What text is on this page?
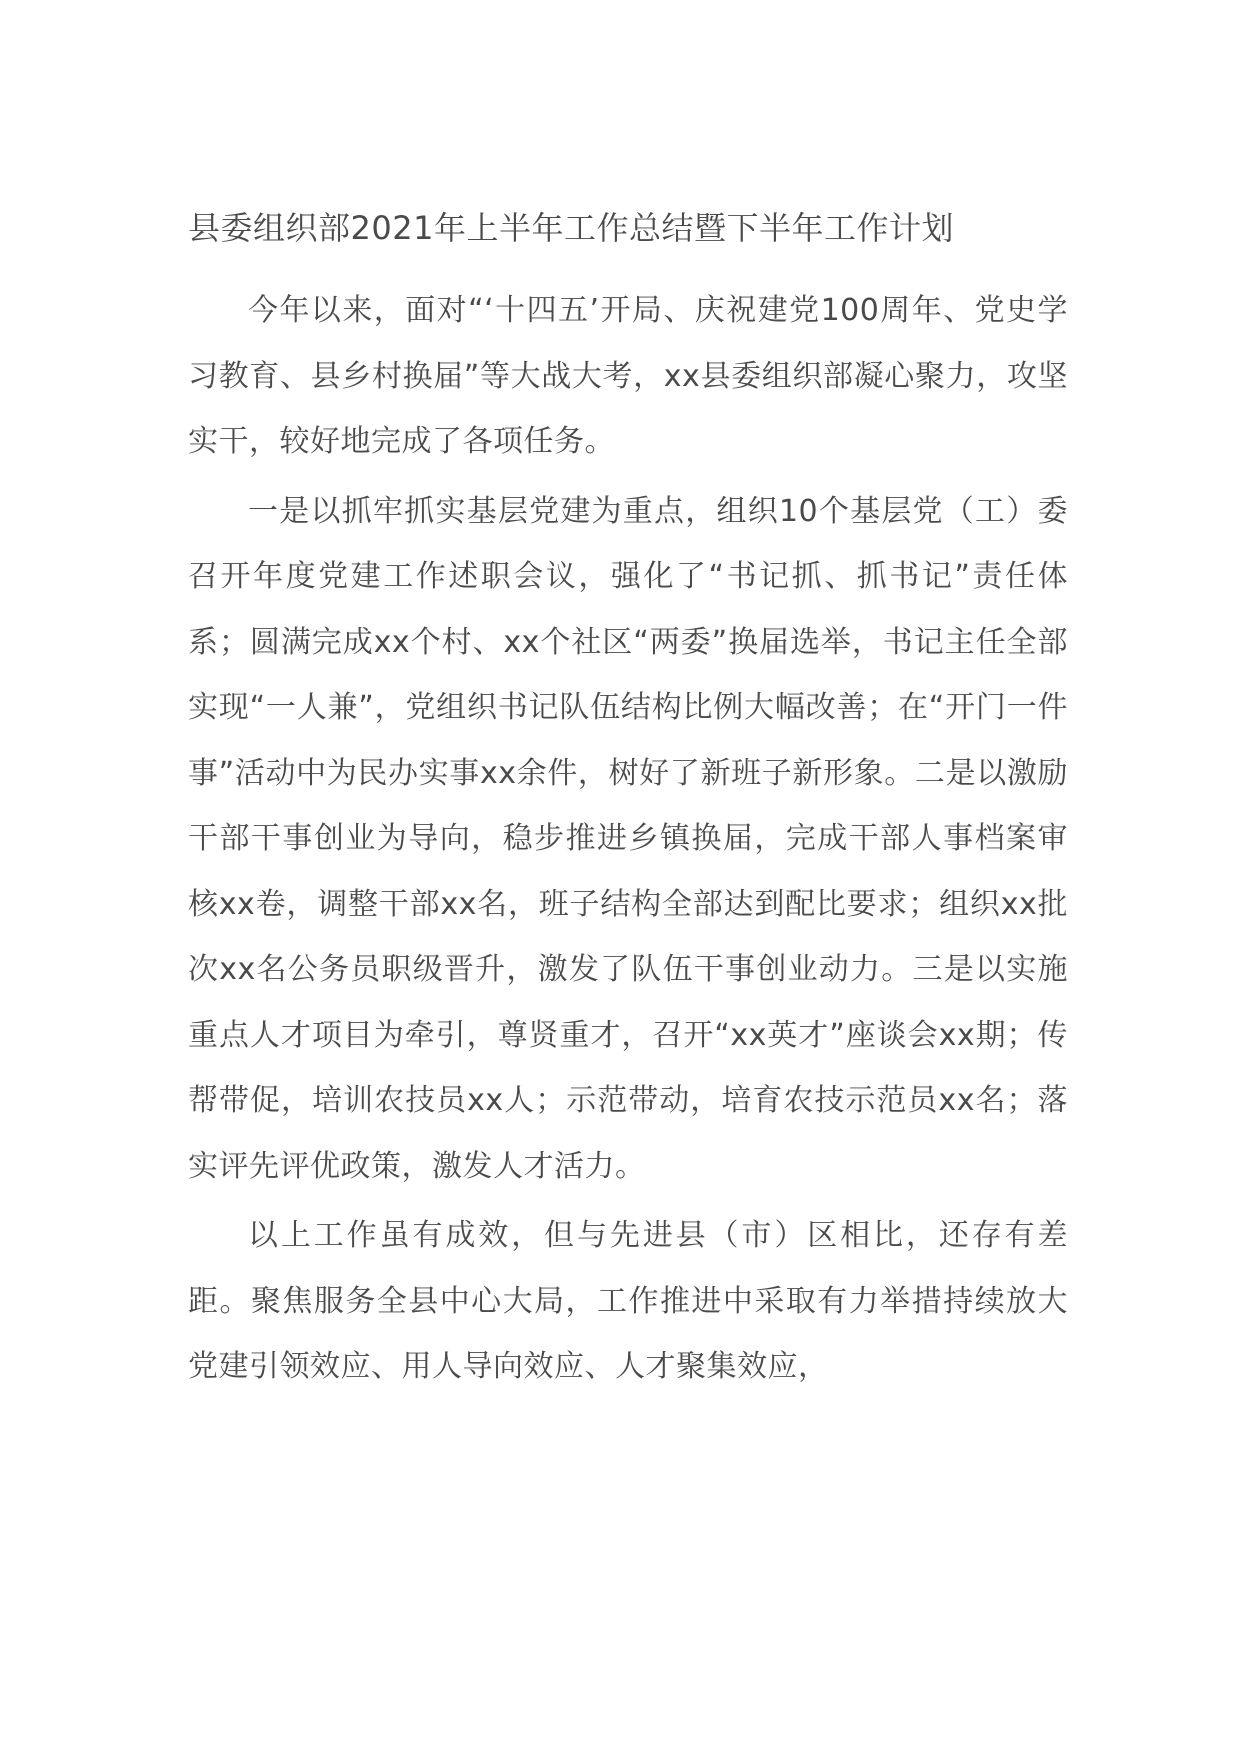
县委组织部2021年上半年工作总结暨下半年工作计划

今年以来，面对“‘十四五’开局、庆祝建党100周年、党史学习教育、县乡村换届”等大战大考，xx县委组织部凝心聚力，攻坚实干，较好地完成了各项任务。

一是以抓牢抓实基层党建为重点，组织10个基层党（工）委召开年度党建工作述职会议，强化了“书记抓、抓书记”责任体系；圆满完成xx个村、xx个社区“两委”换届选举，书记主任全部实现“一人兼”，党组织书记队伍结构比例大幅改善；在“开门一件事”活动中为民办实事xx余件，树好了新班子新形象。二是以激励干部干事创业为导向，稳步推进乡镇换届，完成干部人事档案审核xx卷，调整干部xx名，班子结构全部达到配比要求；组织xx批次xx名公务员职级晋升，激发了队伍干事创业动力。三是以实施重点人才项目为牵引，尊贤重才，召开“xx英才”座谈会xx期；传帮带促，培训农技员xx人；示范带动，培育农技示范员xx名；落实评先评优政策，激发人才活力。

以上工作虽有成效，但与先进县（市）区相比，还存有差距。聚焦服务全县中心大局，工作推进中采取有力举措持续放大党建引领效应、用人导向效应、人才聚集效应，
